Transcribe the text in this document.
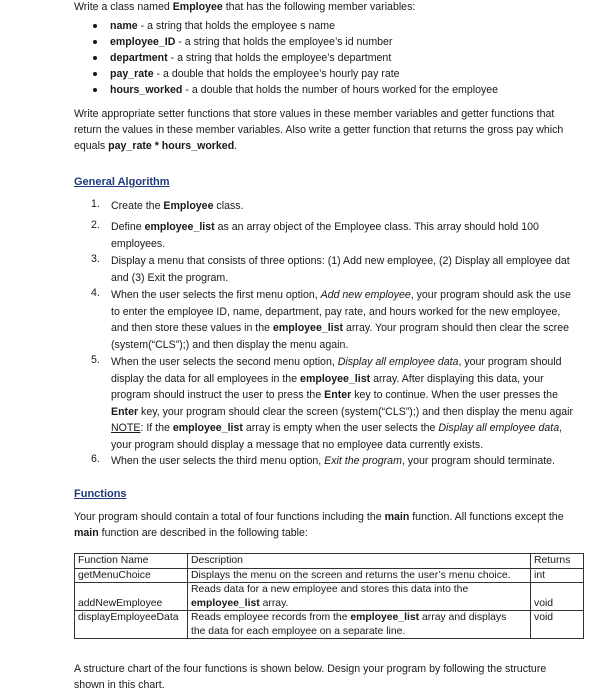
Write a class named Employee that has the following member variables:

name - a string that holds the employee s name
employee_ID - a string that holds the employee’s id number
department - a string that holds the employee’s department
pay_rate - a double that holds the employee’s hourly pay rate
hours_worked - a double that holds the number of hours worked for the employee

Write appropriate setter functions that store values in these member variables and getter functions that

return the values in these member variables. Also write a getter function that returns the gross pay which

equals pay_rate * hours_worked.

General Algorithm

1. Create the Employee class.
2. Define employee_list as an array object of the Employee class. This array should hold 100
employees.
3. Display a menu that consists of three options: (1) Add new employee, (2) Display all employee dat
and (3) Exit the program.
4. When the user selects the first menu option, Add new employee, your program should ask the use
to enter the employee ID, name, department, pay rate, and hours worked for the new employee,
and then store these values in the employee_list array. Your program should then clear the scree
(system(“CLS”);) and then display the menu again.
5. When the user selects the second menu option, Display all employee data, your program should
display the data for all employees in the employee_list array. After displaying this data, your
program should instruct the user to press the Enter key to continue. When the user presses the
Enter key, your program should clear the screen (system(“CLS”);) and then display the menu agair
NOTE: If the employee_list array is empty when the user selects the Display all employee data,
your program should display a message that no employee data currently exists.
6. When the user selects the third menu option, Exit the program, your program should terminate.

Functions

Your program should contain a total of four functions including the main function. All functions except the

main function are described in the following table:

Function Name	Description	Returns
getMenuChoice	Displays the menu on the screen and returns the user’s menu choice.	int
addNewEmployee	Reads data for a new employee and stores this data into the
employee_list array.	void
displayEmployeeData	Reads employee records from the employee_list array and displays
the data for each employee on a separate line.	void

A structure chart of the four functions is shown below. Design your program by following the structure

shown in this chart.
